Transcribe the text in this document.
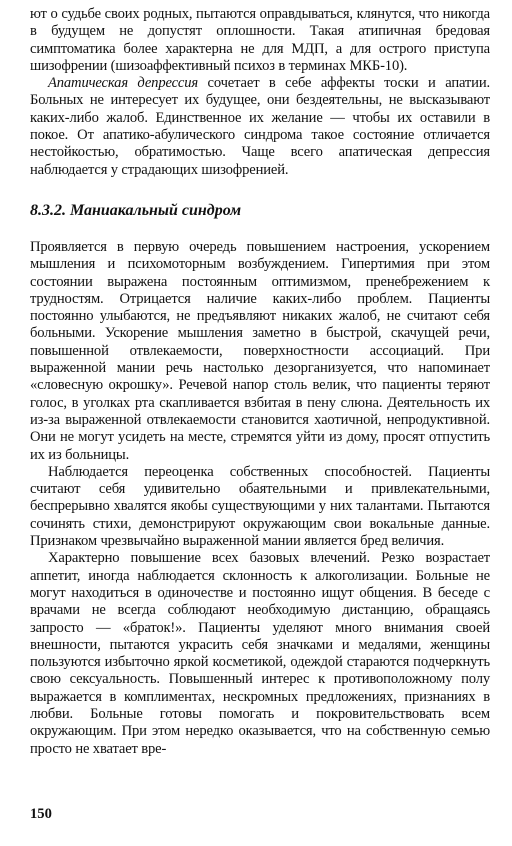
ют о судьбе своих родных, пытаются оправдываться, клянутся, что никогда в будущем не допустят оплошности. Такая атипичная бредовая симптоматика более характерна не для МДП, а для острого приступа шизофрении (шизоаффективный психоз в терминах МКБ-10).

Апатическая депрессия сочетает в себе аффекты тоски и апатии. Больных не интересует их будущее, они бездеятельны, не высказывают каких-либо жалоб. Единственное их желание — чтобы их оставили в покое. От апатико-абулического синдрома такое состояние отличается нестойкостью, обратимостью. Чаще всего апатическая депрессия наблюдается у страдающих шизофренией.

8.3.2. Маниакальный синдром

Проявляется в первую очередь повышением настроения, ускорением мышления и психомоторным возбуждением. Гипертимия при этом состоянии выражена постоянным оптимизмом, пренебрежением к трудностям. Отрицается наличие каких-либо проблем. Пациенты постоянно улыбаются, не предъявляют никаких жалоб, не считают себя больными. Ускорение мышления заметно в быстрой, скачущей речи, повышенной отвлекаемости, поверхностности ассоциаций. При выраженной мании речь настолько дезорганизуется, что напоминает «словесную окрошку». Речевой напор столь велик, что пациенты теряют голос, в уголках рта скапливается взбитая в пену слюна. Деятельность их из-за выраженной отвлекаемости становится хаотичной, непродуктивной. Они не могут усидеть на месте, стремятся уйти из дому, просят отпустить их из больницы.

Наблюдается переоценка собственных способностей. Пациенты считают себя удивительно обаятельными и привлекательными, беспрерывно хвалятся якобы существующими у них талантами. Пытаются сочинять стихи, демонстрируют окружающим свои вокальные данные. Признаком чрезвычайно выраженной мании является бред величия.

Характерно повышение всех базовых влечений. Резко возрастает аппетит, иногда наблюдается склонность к алкоголизации. Больные не могут находиться в одиночестве и постоянно ищут общения. В беседе с врачами не всегда соблюдают необходимую дистанцию, обращаясь запросто — «браток!». Пациенты уделяют много внимания своей внешности, пытаются украсить себя значками и медалями, женщины пользуются избыточно яркой косметикой, одеждой стараются подчеркнуть свою сексуальность. Повышенный интерес к противоположному полу выражается в комплиментах, нескромных предложениях, признаниях в любви. Больные готовы помогать и покровительствовать всем окружающим. При этом нередко оказывается, что на собственную семью просто не хватает вре-

150
